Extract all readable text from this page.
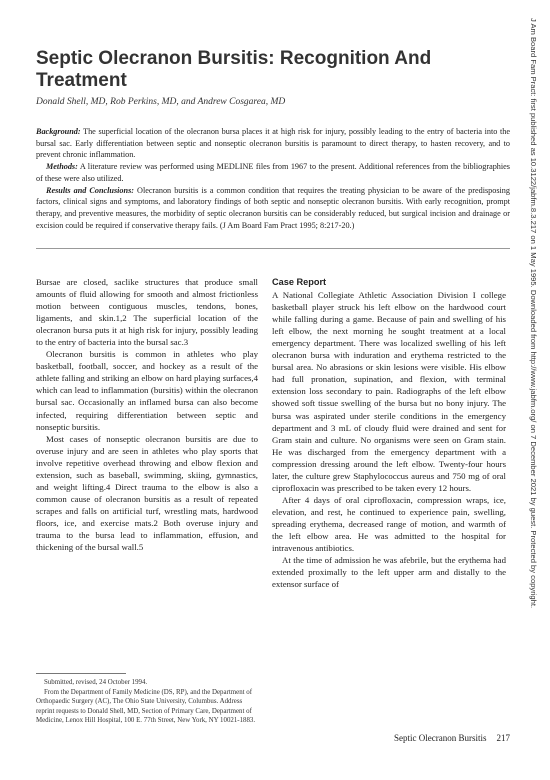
J Am Board Fam Pract: first published as 10.3122/jabfm.8.3.217 on 1 May 1995. Downloaded from http://www.jabfm.org/ on 7 December 2021 by guest. Protected by copyright.
Septic Olecranon Bursitis: Recognition And Treatment
Donald Shell, MD, Rob Perkins, MD, and Andrew Cosgarea, MD

Background: The superficial location of the olecranon bursa places it at high risk for injury, possibly leading to the entry of bacteria into the bursal sac. Early differentiation between septic and nonseptic olecranon bursitis is paramount to direct therapy, to hasten recovery, and to prevent chronic inflammation.

Methods: A literature review was performed using MEDLINE files from 1967 to the present. Additional references from the bibliographies of these were also utilized.

Results and Conclusions: Olecranon bursitis is a common condition that requires the treating physician to be aware of the predisposing factors, clinical signs and symptoms, and laboratory findings of both septic and nonseptic olecranon bursitis. With early recognition, prompt therapy, and preventive measures, the morbidity of septic olecranon bursitis can be considerably reduced, but surgical incision and drainage or excision could be required if conservative therapy fails. (J Am Board Fam Pract 1995; 8:217-20.)

Bursae are closed, saclike structures that produce small amounts of fluid allowing for smooth and almost frictionless motion between contiguous muscles, tendons, bones, ligaments, and skin.1,2 The superficial location of the olecranon bursa puts it at high risk for injury, possibly leading to the entry of bacteria into the bursal sac.3

Olecranon bursitis is common in athletes who play basketball, football, soccer, and hockey as a result of the athlete falling and striking an elbow on hard playing surfaces,4 which can lead to inflammation (bursitis) within the olecranon bursal sac. Occasionally an inflamed bursa can also become infected, requiring differentiation between septic and nonseptic bursitis.

Most cases of nonseptic olecranon bursitis are due to overuse injury and are seen in athletes who play sports that involve repetitive overhead throwing and elbow flexion and extension, such as baseball, swimming, skiing, gymnastics, and weight lifting.4 Direct trauma to the elbow is also a common cause of olecranon bursitis as a result of repeated scrapes and falls on artificial turf, wrestling mats, hardwood floors, ice, and exercise mats.2 Both overuse injury and trauma to the bursa lead to inflammation, effusion, and thickening of the bursal wall.5

Case Report

A National Collegiate Athletic Association Division I college basketball player struck his left elbow on the hardwood court while falling during a game. Because of pain and swelling of his left elbow, the next morning he sought treatment at a local emergency department. There was localized swelling of his left olecranon bursa with induration and erythema restricted to the bursal area. No abrasions or skin lesions were visible. His elbow had full pronation, supination, and flexion, with terminal extension loss secondary to pain. Radiographs of the left elbow showed soft tissue swelling of the bursa but no bony injury. The bursa was aspirated under sterile conditions in the emergency department and 3 mL of cloudy fluid were drained and sent for Gram stain and culture. No organisms were seen on Gram stain. He was discharged from the emergency department with a compression dressing around the left elbow. Twenty-four hours later, the culture grew Staphylococcus aureus and 750 mg of oral ciprofloxacin was prescribed to be taken every 12 hours.

After 4 days of oral ciprofloxacin, compression wraps, ice, elevation, and rest, he continued to experience pain, swelling, spreading erythema, decreased range of motion, and warmth of the left elbow area. He was admitted to the hospital for intravenous antibiotics.

At the time of admission he was afebrile, but the erythema had extended proximally to the left upper arm and distally to the extensor surface of

Submitted, revised, 24 October 1994.

From the Department of Family Medicine (DS, RP), and the Department of Orthopaedic Surgery (AC), The Ohio State University, Columbus. Address reprint requests to Donald Shell, MD, Section of Primary Care, Department of Medicine, Lenox Hill Hospital, 100 E. 77th Street, New York, NY 10021-1883.

Septic Olecranon Bursitis 217
